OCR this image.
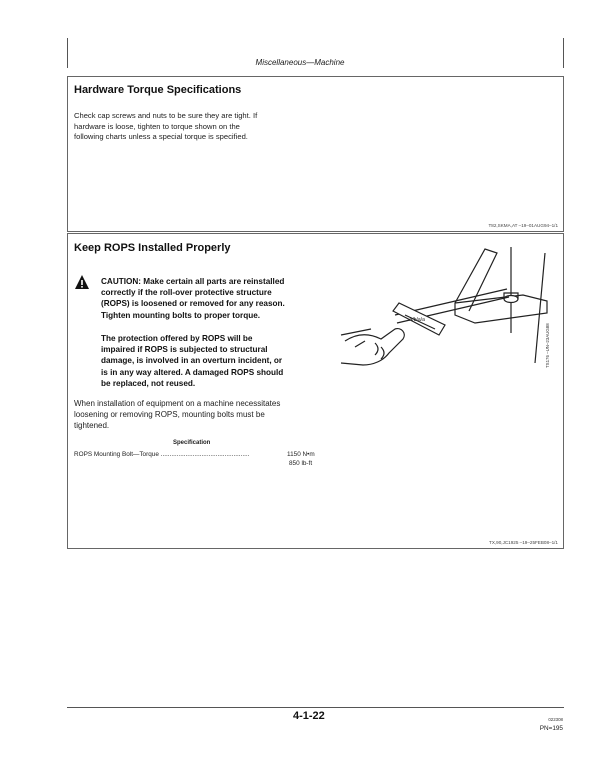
Miscellaneous—Machine
Hardware Torque Specifications
Check cap screws and nuts to be sure they are tight. If
hardware is loose, tighten to torque shown on the
following charts unless a special torque is specified.
T82,SKMA,AT –19–01AUG94–1/1
Keep ROPS Installed Properly
CAUTION: Make certain all parts are reinstalled
correctly if the roll-over protective structure
(ROPS) is loosened or removed for any reason.
Tighten mounting bolts to proper torque.
The protection offered by ROPS will be
impaired if ROPS is subjected to structural
damage, is involved in an overturn incident, or
is in any way altered. A damaged ROPS should
be replaced, not reused.
When installation of equipment on a machine necessitates
loosening or removing ROPS, mounting bolts must be
tightened.
Specification
ROPS Mounting Bolt—Torque ..................................................	1150 N•m
850 lb-ft
A/b/a/a
TS176 –UN–23AUG88
TX,90,JC1925 –19–25FEB08–1/1
4-1-22	022308
PN=195
